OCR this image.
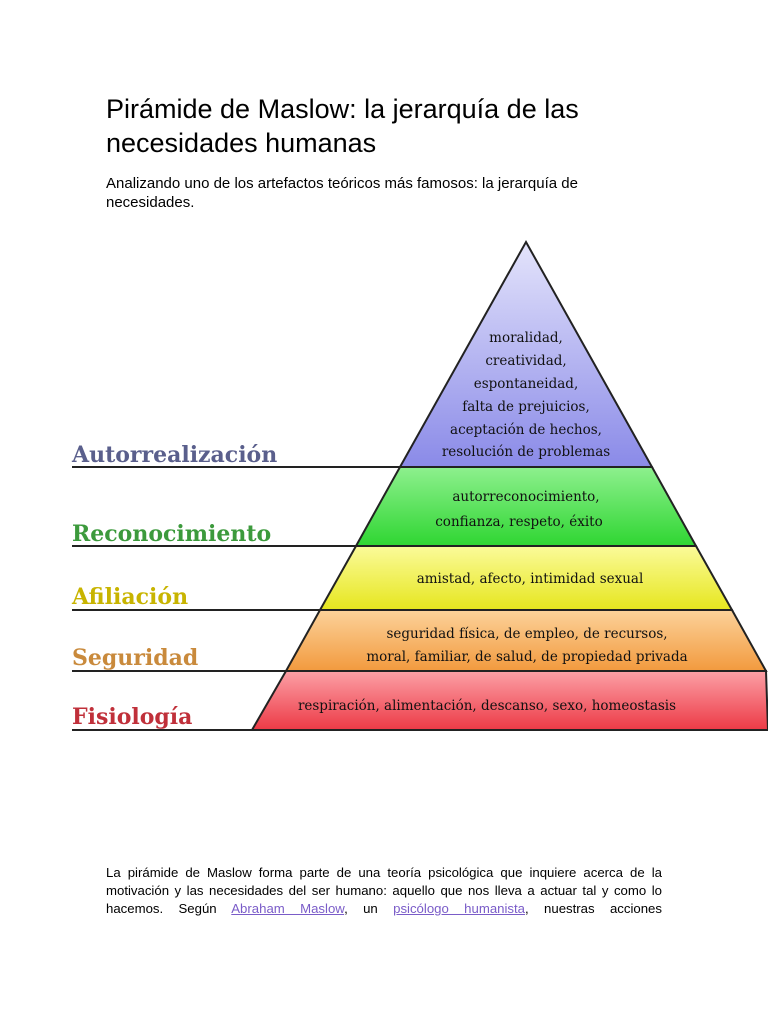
Pirámide de Maslow: la jerarquía de las necesidades humanas

Analizando uno de los artefactos teóricos más famosos: la jerarquía de necesidades.

Autorrealización
Reconocimiento
Afiliación
Seguridad
Fisiología
moralidad,
creatividad,
espontaneidad,
falta de prejuicios,
aceptación de hechos,
resolución de problemas
autorreconocimiento,
confianza, respeto, éxito
amistad, afecto, intimidad sexual
seguridad física, de empleo, de recursos,
moral, familiar, de salud, de propiedad privada
respiración, alimentación, descanso, sexo, homeostasis

La pirámide de Maslow forma parte de una teoría psicológica que inquiere acerca de la motivación y las necesidades del ser humano: aquello que nos lleva a actuar tal y como lo hacemos. Según Abraham Maslow, un psicólogo humanista, nuestras acciones
